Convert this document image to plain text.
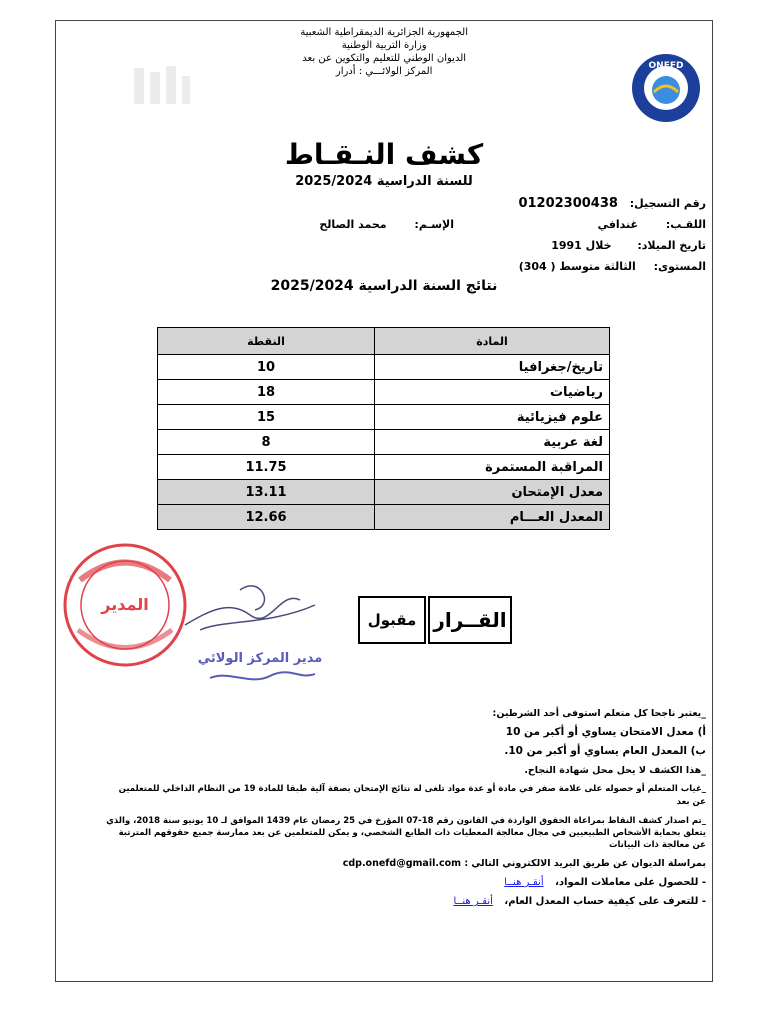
الجمهورية الجزائرية الديمقراطية الشعبية
وزارة التربية الوطنية
الديوان الوطني للتعليم والتكوين عن بعد
المركز الولائـــي : أدرار	ONEFD
كشف النـقـاط
للسنة الدراسية 2025/2024
رقم التسجيل: 01202300438
اللقـب: غندافي
الإسـم: محمد الصالح
تاريخ الميلاد: خلال 1991
المستوى: الثالثة متوسط ( 304)
نتائج السنة الدراسية 2025/2024
المادة	النقطة
تاريخ/جغرافيا	10
رياضيات	18
علوم فيزيائية	15
لغة عربية	8
المراقبة المستمرة	11.75
معدل الإمتحان	13.11
المعدل العـــام	12.66
المدير
مدير المركز الولائي
القــرار
مقبول

_يعتبر ناجحا كل متعلم استوفى أحد الشرطين:

أ) معدل الامتحان يساوي أو أكبر من 10

ب) المعدل العام يساوي أو أكبر من 10.

_هذا الكشف لا يحل محل شهادة النجاح.

_غياب المتعلم أو حصوله على علامة صفر في مادة أو عدة مواد تلغى له نتائج الإمتحان بصفة آلية طبقا للمادة 19 من النظام الداخلي للمتعلمين عن بعد

_تم اصدار كشف النقاط بمراعاة الحقوق الواردة في القانون رقم 18-07 المؤرخ في 25 رمضان عام 1439 الموافق لـ 10 يونيو سنة 2018، والذي يتعلق بحماية الأشخاص الطبيعيين في مجال معالجة المعطيات ذات الطابع الشخصي، و يمكن للمتعلمين عن بعد ممارسة جميع حقوقهم المترتبة عن معالجة ذات البيانات

بمراسلة الديوان عن طريق البريد الالكتروني التالي : cdp.onefd@gmail.com

- للحصول على معاملات المواد، أنقـر هنــا

- للتعرف على كيفية حساب المعدل العام، أنقـر هنــا
